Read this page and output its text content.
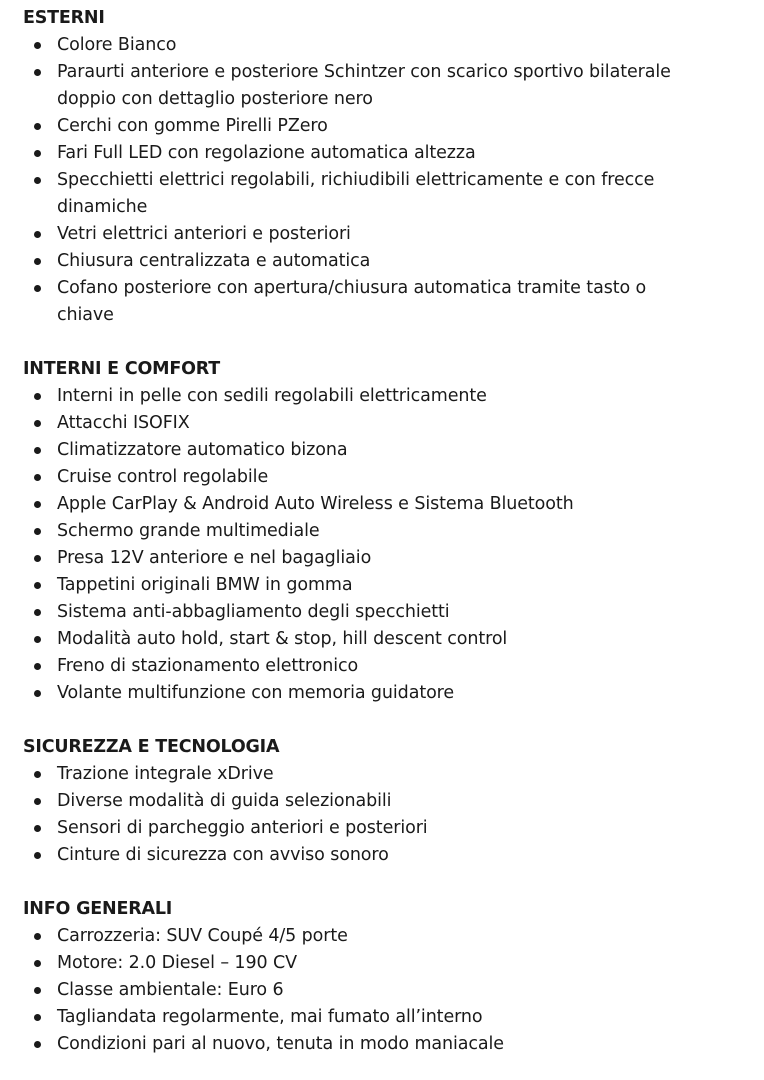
ESTERNI
Colore Bianco
Paraurti anteriore e posteriore Schintzer con scarico sportivo bilaterale doppio con dettaglio posteriore nero
Cerchi con gomme Pirelli PZero
Fari Full LED con regolazione automatica altezza
Specchietti elettrici regolabili, richiudibili elettricamente e con frecce dinamiche
Vetri elettrici anteriori e posteriori
Chiusura centralizzata e automatica
Cofano posteriore con apertura/chiusura automatica tramite tasto o chiave
INTERNI E COMFORT
Interni in pelle con sedili regolabili elettricamente
Attacchi ISOFIX
Climatizzatore automatico bizona
Cruise control regolabile
Apple CarPlay & Android Auto Wireless e Sistema Bluetooth
Schermo grande multimediale
Presa 12V anteriore e nel bagagliaio
Tappetini originali BMW in gomma
Sistema anti-abbagliamento degli specchietti
Modalità auto hold, start & stop, hill descent control
Freno di stazionamento elettronico
Volante multifunzione con memoria guidatore
SICUREZZA E TECNOLOGIA
Trazione integrale xDrive
Diverse modalità di guida selezionabili
Sensori di parcheggio anteriori e posteriori
Cinture di sicurezza con avviso sonoro
INFO GENERALI
Carrozzeria: SUV Coupé 4/5 porte
Motore: 2.0 Diesel – 190 CV
Classe ambientale: Euro 6
Tagliandata regolarmente, mai fumato all’interno
Condizioni pari al nuovo, tenuta in modo maniacale
